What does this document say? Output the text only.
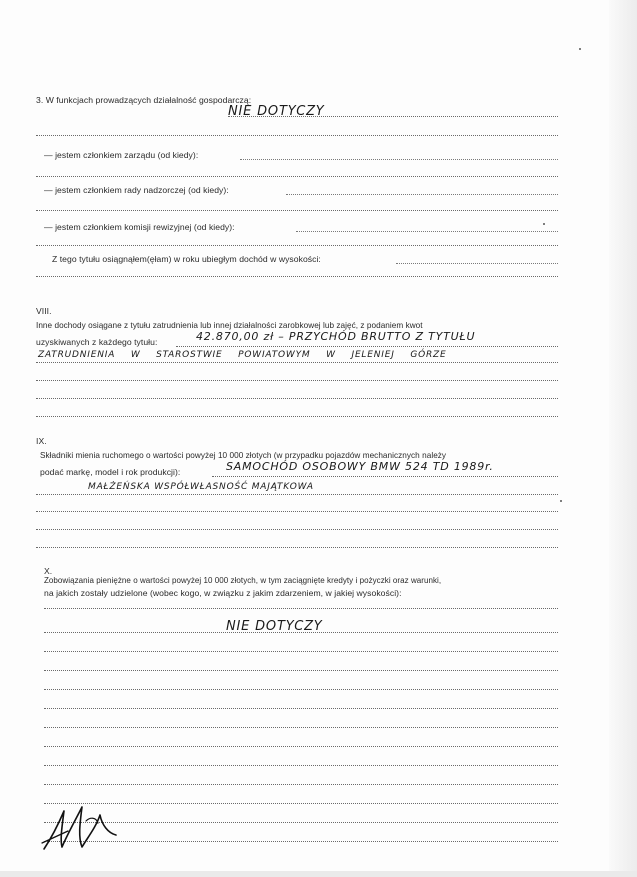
3. W funkcjach prowadzących działalność gospodarczą:
NIE DOTYCZY
— jestem członkiem zarządu (od kiedy):
— jestem członkiem rady nadzorczej (od kiedy):
— jestem członkiem komisji rewizyjnej (od kiedy):
Z tego tytułu osiągnąłem(ęłam) w roku ubiegłym dochód w wysokości:
VIII.
Inne dochody osiągane z tytułu zatrudnienia lub innej działalności zarobkowej lub zajęć, z podaniem kwot
uzyskiwanych z każdego tytułu:	42.870,00 zł – PRZYCHÓD BRUTTO Z TYTUŁU
ZATRUDNIENIA W STAROSTWIE POWIATOWYM W JELENIEJ GÓRZE
IX.
Składniki mienia ruchomego o wartości powyżej 10 000 złotych (w przypadku pojazdów mechanicznych należy
podać markę, model i rok produkcji):	SAMOCHÓD OSOBOWY BMW 524 TD 1989r.
MAŁŻEŃSKA WSPÓŁWŁASNOŚĆ MAJĄTKOWA
X.
Zobowiązania pieniężne o wartości powyżej 10 000 złotych, w tym zaciągnięte kredyty i pożyczki oraz warunki,
na jakich zostały udzielone (wobec kogo, w związku z jakim zdarzeniem, w jakiej wysokości):
NIE DOTYCZY
